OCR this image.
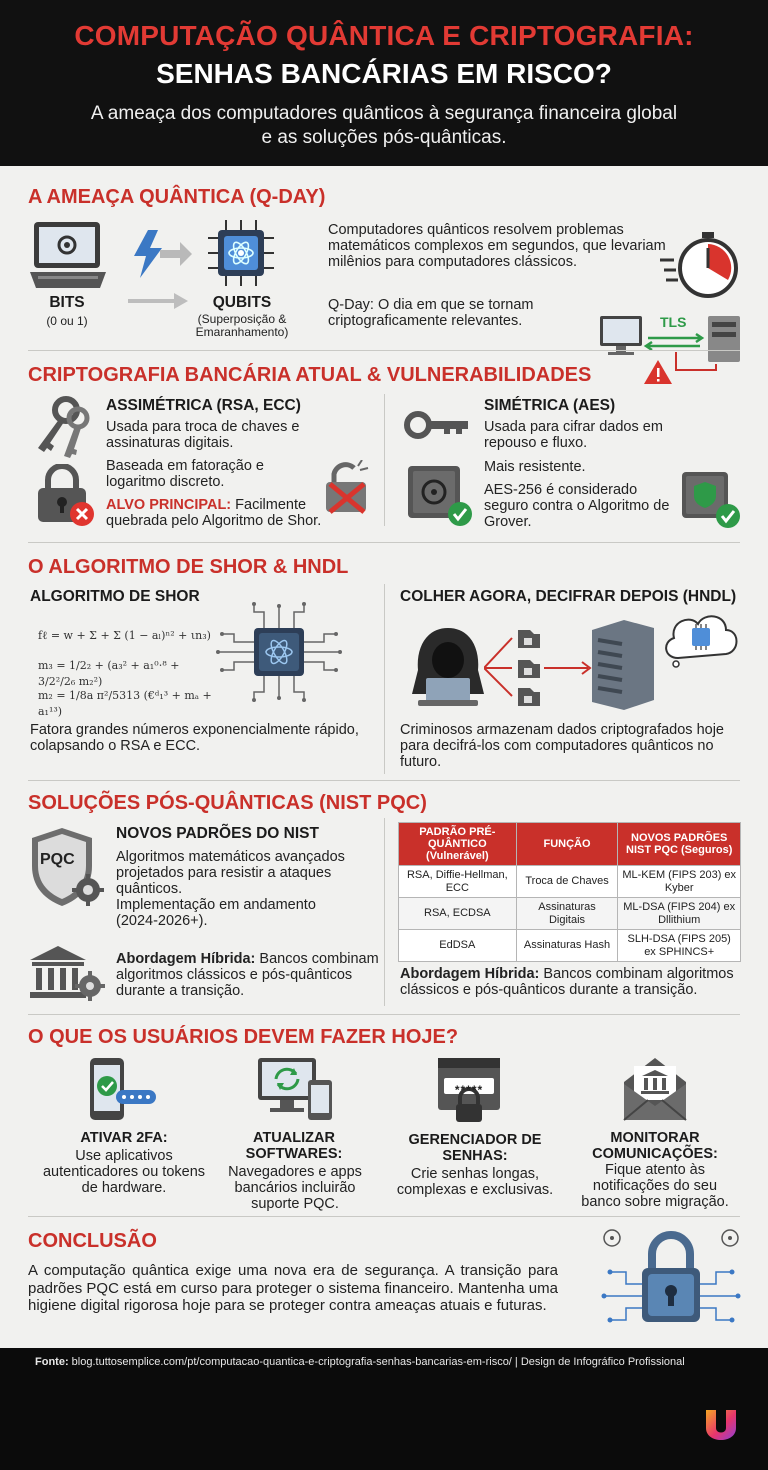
COMPUTAÇÃO QUÂNTICA E CRIPTOGRAFIA:
SENHAS BANCÁRIAS EM RISCO?
A ameaça dos computadores quânticos à segurança financeira global e as soluções pós-quânticas.
A AMEAÇA QUÂNTICA (Q-DAY)
BITS
(0 ou 1)
QUBITS
(Superposição & Emaranhamento)
Computadores quânticos resolvem problemas matemáticos complexos em segundos, que levariam milênios para computadores clássicos.
Q-Day: O dia em que se tornam criptograficamente relevantes.	TLS
CRIPTOGRAFIA BANCÁRIA ATUAL & VULNERABILIDADES
ASSIMÉTRICA (RSA, ECC)
Usada para troca de chaves e assinaturas digitais.
Baseada em fatoração e logaritmo discreto.
ALVO PRINCIPAL: Facilmente quebrada pelo Algoritmo de Shor.
SIMÉTRICA (AES)
Usada para cifrar dados em repouso e fluxo.
Mais resistente.
AES-256 é considerado seguro contra o Algoritmo de Grover.
O ALGORITMO DE SHOR & HNDL
ALGORITMO DE SHOR
fℓ = w + Σ + Σ (1 − aₗ)ⁿ² + ιn₃)
m₃ = 1/2₂ + (a₃² + a₁⁰⋅⁸ + 3/2²/2₆ m₂²)
m₂ = 1/8a π²/5313 (€ᵈ₁³ + mₐ + a₁¹³)
Fatora grandes números exponencialmente rápido, colapsando o RSA e ECC.
COLHER AGORA, DECIFRAR DEPOIS (HNDL)
Criminosos armazenam dados criptografados hoje para decifrá-los com computadores quânticos no futuro.
SOLUÇÕES PÓS-QUÂNTICAS (NIST PQC)
PQC
NOVOS PADRÕES DO NIST
Algoritmos matemáticos avançados projetados para resistir a ataques quânticos.
Implementação em andamento (2024-2026+).
Abordagem Híbrida: Bancos combinam algoritmos clássicos e pós-quânticos durante a transição.
PADRÃO PRÉ-QUÂNTICO (Vulnerável)	FUNÇÃO	NOVOS PADRÕES NIST PQC (Seguros)
RSA, Diffie-Hellman, ECC	Troca de Chaves	ML-KEM (FIPS 203) ex Kyber
RSA, ECDSA	Assinaturas Digitais	ML-DSA (FIPS 204) ex Dllithium
EdDSA	Assinaturas Hash	SLH-DSA (FIPS 205) ex SPHINCS+
Abordagem Híbrida: Bancos combinam algoritmos clássicos e pós-quânticos durante a transição.
O QUE OS USUÁRIOS DEVEM FAZER HOJE?
*****
ATIVAR 2FA:
Use aplicativos autenticadores ou tokens de hardware.
ATUALIZAR SOFTWARES:
Navegadores e apps bancários incluirão suporte PQC.
GERENCIADOR DE SENHAS:
Crie senhas longas, complexas e exclusivas.
MONITORAR COMUNICAÇÕES:
Fique atento às notificações do seu banco sobre migração.
CONCLUSÃO
A computação quântica exige uma nova era de segurança. A transição para padrões PQC está em curso para proteger o sistema financeiro. Mantenha uma higiene digital rigorosa hoje para se proteger contra ameaças atuais e futuras.
Fonte: blog.tuttosemplice.com/pt/computacao-quantica-e-criptografia-senhas-bancarias-em-risco/ | Design de Infográfico Profissional
